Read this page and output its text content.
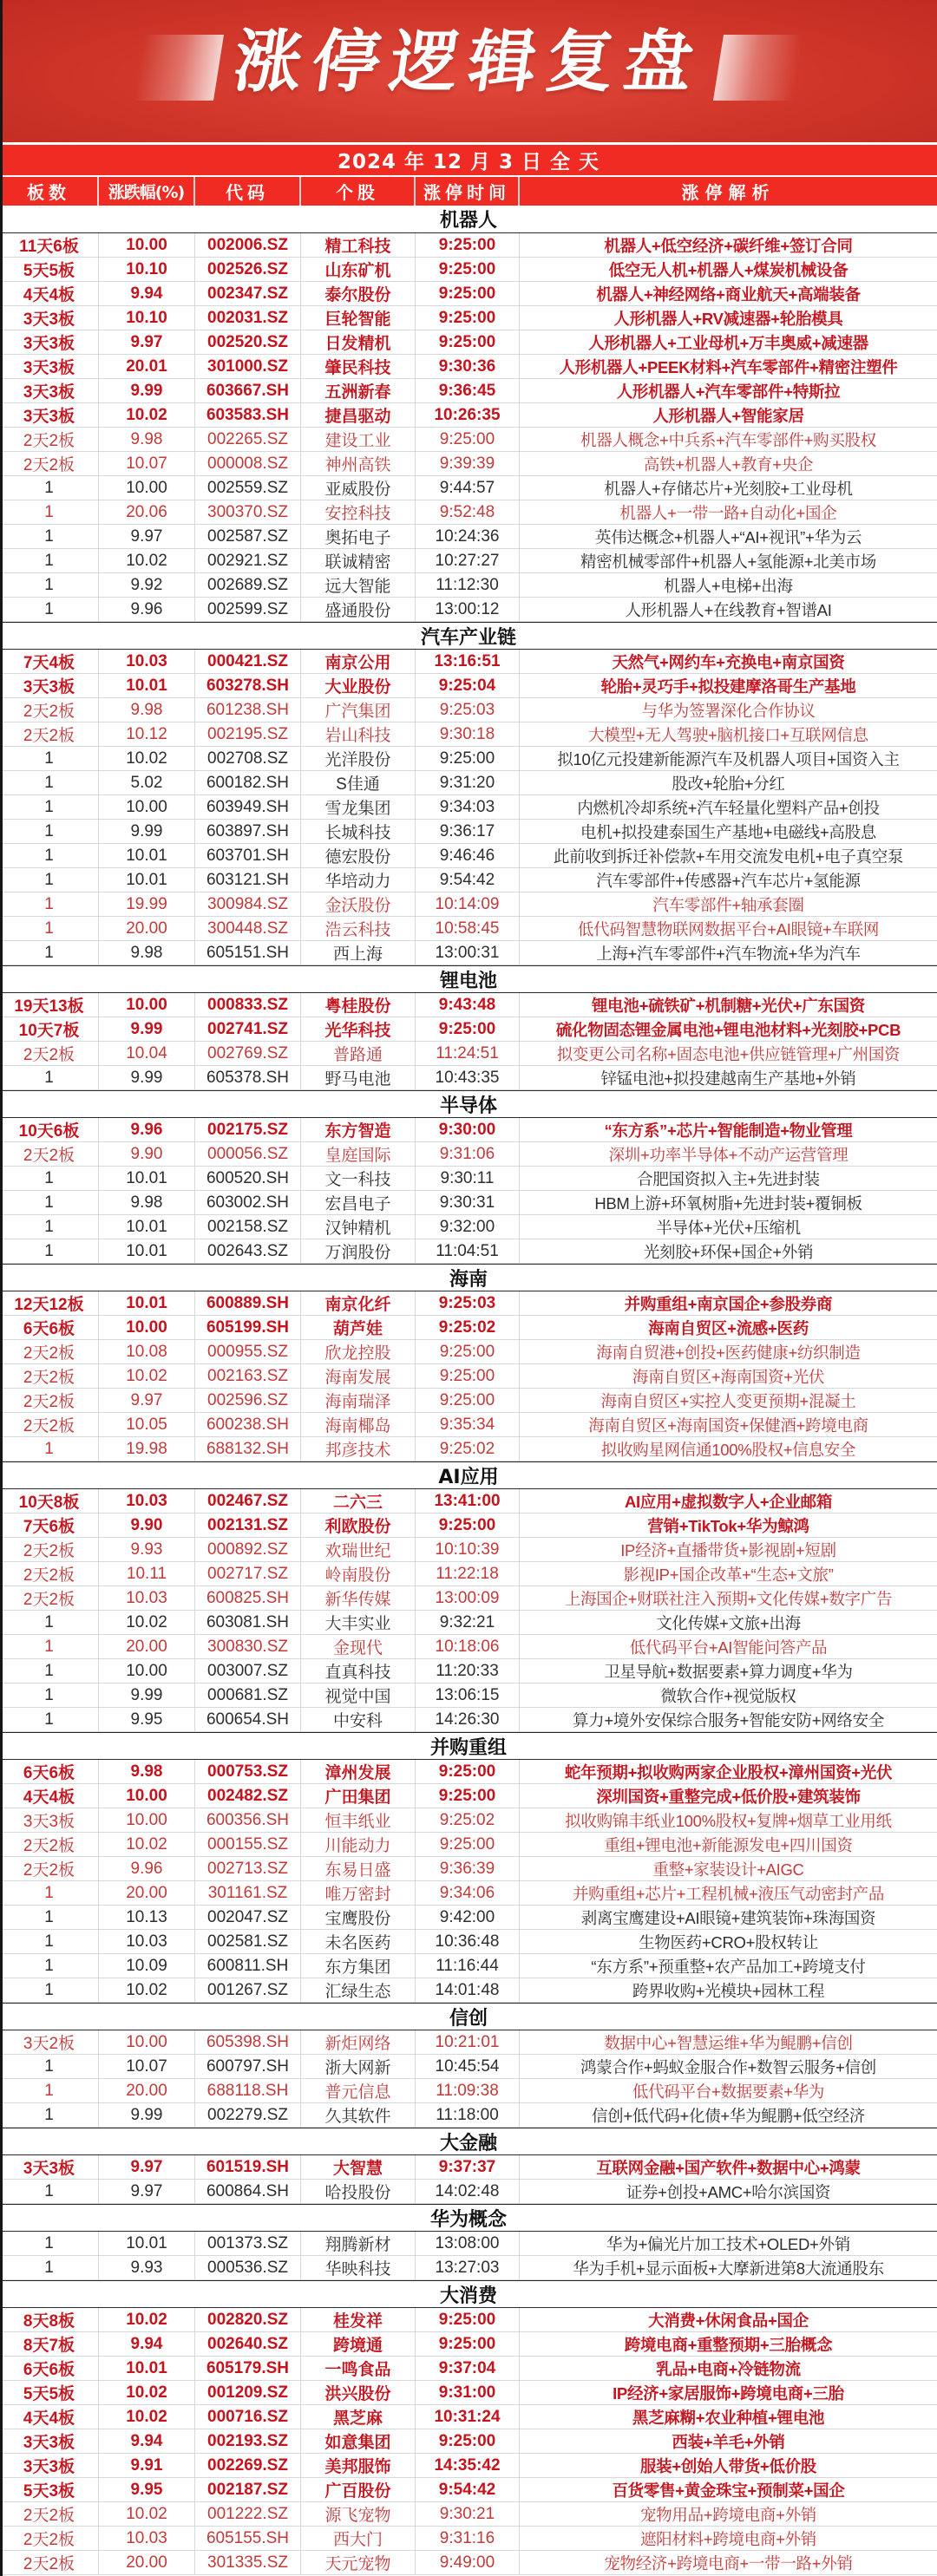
涨停逻辑复盘
2024 年 12 月 3 日 全 天
板数	涨跌幅(%)	代码	个股	涨停时间	涨停解析
机器人
11天6板	10.00	002006.SZ	精工科技	9:25:00	机器人+低空经济+碳纤维+签订合同
5天5板	10.10	002526.SZ	山东矿机	9:25:00	低空无人机+机器人+煤炭机械设备
4天4板	9.94	002347.SZ	泰尔股份	9:25:00	机器人+神经网络+商业航天+高端装备
3天3板	10.10	002031.SZ	巨轮智能	9:25:00	人形机器人+RV减速器+轮胎模具
3天3板	9.97	002520.SZ	日发精机	9:25:00	人形机器人+工业母机+万丰奥威+减速器
3天3板	20.01	301000.SZ	肇民科技	9:30:36	人形机器人+PEEK材料+汽车零部件+精密注塑件
3天3板	9.99	603667.SH	五洲新春	9:36:45	人形机器人+汽车零部件+特斯拉
3天3板	10.02	603583.SH	捷昌驱动	10:26:35	人形机器人+智能家居
2天2板	9.98	002265.SZ	建设工业	9:25:00	机器人概念+中兵系+汽车零部件+购买股权
2天2板	10.07	000008.SZ	神州高铁	9:39:39	高铁+机器人+教育+央企
1	10.00	002559.SZ	亚威股份	9:44:57	机器人+存储芯片+光刻胶+工业母机
1	20.06	300370.SZ	安控科技	9:52:48	机器人+一带一路+自动化+国企
1	9.97	002587.SZ	奥拓电子	10:24:36	英伟达概念+机器人+“AI+视讯”+华为云
1	10.02	002921.SZ	联诚精密	10:27:27	精密机械零部件+机器人+氢能源+北美市场
1	9.92	002689.SZ	远大智能	11:12:30	机器人+电梯+出海
1	9.96	002599.SZ	盛通股份	13:00:12	人形机器人+在线教育+智谱AI
汽车产业链
7天4板	10.03	000421.SZ	南京公用	13:16:51	天然气+网约车+充换电+南京国资
3天3板	10.01	603278.SH	大业股份	9:25:04	轮胎+灵巧手+拟投建摩洛哥生产基地
2天2板	9.98	601238.SH	广汽集团	9:25:03	与华为签署深化合作协议
2天2板	10.12	002195.SZ	岩山科技	9:30:18	大模型+无人驾驶+脑机接口+互联网信息
1	10.02	002708.SZ	光洋股份	9:25:00	拟10亿元投建新能源汽车及机器人项目+国资入主
1	5.02	600182.SH	S佳通	9:31:20	股改+轮胎+分红
1	10.00	603949.SH	雪龙集团	9:34:03	内燃机冷却系统+汽车轻量化塑料产品+创投
1	9.99	603897.SH	长城科技	9:36:17	电机+拟投建泰国生产基地+电磁线+高股息
1	10.01	603701.SH	德宏股份	9:46:46	此前收到拆迁补偿款+车用交流发电机+电子真空泵
1	10.01	603121.SH	华培动力	9:54:42	汽车零部件+传感器+汽车芯片+氢能源
1	19.99	300984.SZ	金沃股份	10:14:09	汽车零部件+轴承套圈
1	20.00	300448.SZ	浩云科技	10:58:45	低代码智慧物联网数据平台+AI眼镜+车联网
1	9.98	605151.SH	西上海	13:00:31	上海+汽车零部件+汽车物流+华为汽车
锂电池
19天13板	10.00	000833.SZ	粤桂股份	9:43:48	锂电池+硫铁矿+机制糖+光伏+广东国资
10天7板	9.99	002741.SZ	光华科技	9:25:00	硫化物固态锂金属电池+锂电池材料+光刻胶+PCB
2天2板	10.04	002769.SZ	普路通	11:24:51	拟变更公司名称+固态电池+供应链管理+广州国资
1	9.99	605378.SH	野马电池	10:43:35	锌锰电池+拟投建越南生产基地+外销
半导体
10天6板	9.96	002175.SZ	东方智造	9:30:00	“东方系”+芯片+智能制造+物业管理
2天2板	9.90	000056.SZ	皇庭国际	9:31:06	深圳+功率半导体+不动产运营管理
1	10.01	600520.SH	文一科技	9:30:11	合肥国资拟入主+先进封装
1	9.98	603002.SH	宏昌电子	9:30:31	HBM上游+环氧树脂+先进封装+覆铜板
1	10.01	002158.SZ	汉钟精机	9:32:00	半导体+光伏+压缩机
1	10.01	002643.SZ	万润股份	11:04:51	光刻胶+环保+国企+外销
海南
12天12板	10.01	600889.SH	南京化纤	9:25:03	并购重组+南京国企+参股券商
6天6板	10.00	605199.SH	葫芦娃	9:25:02	海南自贸区+流感+医药
2天2板	10.08	000955.SZ	欣龙控股	9:25:00	海南自贸港+创投+医药健康+纺织制造
2天2板	10.02	002163.SZ	海南发展	9:25:00	海南自贸区+海南国资+光伏
2天2板	9.97	002596.SZ	海南瑞泽	9:25:00	海南自贸区+实控人变更预期+混凝土
2天2板	10.05	600238.SH	海南椰岛	9:35:34	海南自贸区+海南国资+保健酒+跨境电商
1	19.98	688132.SH	邦彦技术	9:25:02	拟收购星网信通100%股权+信息安全
AI应用
10天8板	10.03	002467.SZ	二六三	13:41:00	AI应用+虚拟数字人+企业邮箱
7天6板	9.90	002131.SZ	利欧股份	9:25:00	营销+TikTok+华为鲸鸿
2天2板	9.93	000892.SZ	欢瑞世纪	10:10:39	IP经济+直播带货+影视剧+短剧
2天2板	10.11	002717.SZ	岭南股份	11:22:18	影视IP+国企改革+“生态+文旅”
2天2板	10.03	600825.SH	新华传媒	13:00:09	上海国企+财联社注入预期+文化传媒+数字广告
1	10.02	603081.SH	大丰实业	9:32:21	文化传媒+文旅+出海
1	20.00	300830.SZ	金现代	10:18:06	低代码平台+AI智能问答产品
1	10.00	003007.SZ	直真科技	11:20:33	卫星导航+数据要素+算力调度+华为
1	9.99	000681.SZ	视觉中国	13:06:15	微软合作+视觉版权
1	9.95	600654.SH	中安科	14:26:30	算力+境外安保综合服务+智能安防+网络安全
并购重组
6天6板	9.98	000753.SZ	漳州发展	9:25:00	蛇年预期+拟收购两家企业股权+漳州国资+光伏
4天4板	10.00	002482.SZ	广田集团	9:25:00	深圳国资+重整完成+低价股+建筑装饰
3天3板	10.00	600356.SH	恒丰纸业	9:25:02	拟收购锦丰纸业100%股权+复牌+烟草工业用纸
2天2板	10.02	000155.SZ	川能动力	9:25:00	重组+锂电池+新能源发电+四川国资
2天2板	9.96	002713.SZ	东易日盛	9:36:39	重整+家装设计+AIGC
1	20.00	301161.SZ	唯万密封	9:34:06	并购重组+芯片+工程机械+液压气动密封产品
1	10.13	002047.SZ	宝鹰股份	9:42:00	剥离宝鹰建设+AI眼镜+建筑装饰+珠海国资
1	10.03	002581.SZ	未名医药	10:36:48	生物医药+CRO+股权转让
1	10.09	600811.SH	东方集团	11:16:44	“东方系”+预重整+农产品加工+跨境支付
1	10.02	001267.SZ	汇绿生态	14:01:48	跨界收购+光模块+园林工程
信创
3天2板	10.00	605398.SH	新炬网络	10:21:01	数据中心+智慧运维+华为鲲鹏+信创
1	10.07	600797.SH	浙大网新	10:45:54	鸿蒙合作+蚂蚁金服合作+数智云服务+信创
1	20.00	688118.SH	普元信息	11:09:38	低代码平台+数据要素+华为
1	9.99	002279.SZ	久其软件	11:18:00	信创+低代码+化债+华为鲲鹏+低空经济
大金融
3天3板	9.97	601519.SH	大智慧	9:37:37	互联网金融+国产软件+数据中心+鸿蒙
1	9.97	600864.SH	哈投股份	14:02:48	证券+创投+AMC+哈尔滨国资
华为概念
1	10.01	001373.SZ	翔腾新材	13:08:00	华为+偏光片加工技术+OLED+外销
1	9.93	000536.SZ	华映科技	13:27:03	华为手机+显示面板+大摩新进第8大流通股东
大消费
8天8板	10.02	002820.SZ	桂发祥	9:25:00	大消费+休闲食品+国企
8天7板	9.94	002640.SZ	跨境通	9:25:00	跨境电商+重整预期+三胎概念
6天6板	10.01	605179.SH	一鸣食品	9:37:04	乳品+电商+冷链物流
5天5板	10.02	001209.SZ	洪兴股份	9:31:00	IP经济+家居服饰+跨境电商+三胎
4天4板	10.02	000716.SZ	黑芝麻	10:31:24	黑芝麻糊+农业种植+锂电池
3天3板	9.94	002193.SZ	如意集团	9:25:00	西装+羊毛+外销
3天3板	9.91	002269.SZ	美邦服饰	14:35:42	服装+创始人带货+低价股
5天3板	9.95	002187.SZ	广百股份	9:54:42	百货零售+黄金珠宝+预制菜+国企
2天2板	10.02	001222.SZ	源飞宠物	9:30:21	宠物用品+跨境电商+外销
2天2板	10.03	605155.SH	西大门	9:31:16	遮阳材料+跨境电商+外销
2天2板	20.00	301335.SZ	天元宠物	9:49:00	宠物经济+跨境电商+一带一路+外销
